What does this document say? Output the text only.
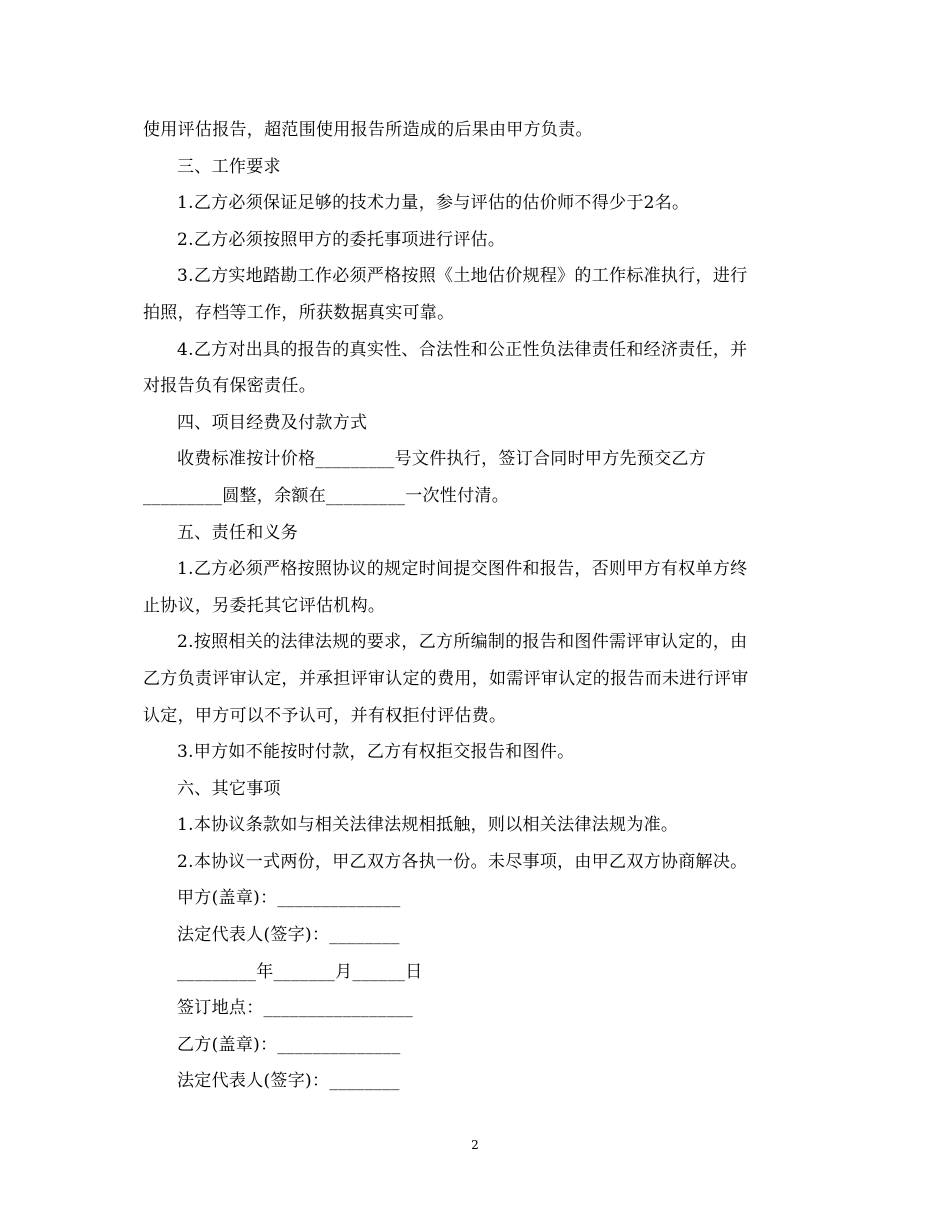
使用评估报告，超范围使用报告所造成的后果由甲方负责。

三、工作要求

1.乙方必须保证足够的技术力量，参与评估的估价师不得少于2名。

2.乙方必须按照甲方的委托事项进行评估。

3.乙方实地踏勘工作必须严格按照《土地估价规程》的工作标准执行，进行

拍照，存档等工作，所获数据真实可靠。

4.乙方对出具的报告的真实性、合法性和公正性负法律责任和经济责任，并

对报告负有保密责任。

四、项目经费及付款方式

收费标准按计价格_________号文件执行，签订合同时甲方先预交乙方

_________圆整，余额在_________一次性付清。

五、责任和义务

1.乙方必须严格按照协议的规定时间提交图件和报告，否则甲方有权单方终

止协议，另委托其它评估机构。

2.按照相关的法律法规的要求，乙方所编制的报告和图件需评审认定的，由

乙方负责评审认定，并承担评审认定的费用，如需评审认定的报告而未进行评审

认定，甲方可以不予认可，并有权拒付评估费。

3.甲方如不能按时付款，乙方有权拒交报告和图件。

六、其它事项

1.本协议条款如与相关法律法规相抵触，则以相关法律法规为准。

2.本协议一式两份，甲乙双方各执一份。未尽事项，由甲乙双方协商解决。

甲方(盖章)：______________

法定代表人(签字)：________

_________年_______月______日

签订地点：_________________

乙方(盖章)：______________

法定代表人(签字)：________

2
